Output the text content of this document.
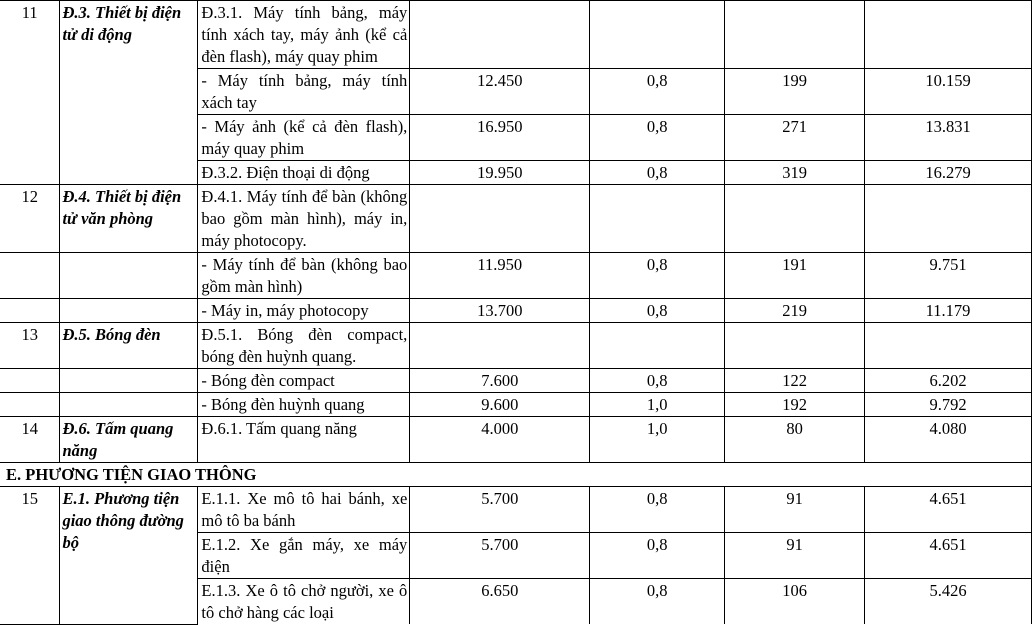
11	Đ.3. Thiết bị điện tử di động	Đ.3.1. Máy tính bảng, máy tính xách tay, máy ảnh (kể cả đèn flash), máy quay phim				
		- Máy tính bảng, máy tính xách tay	12.450	0,8	199	10.159
		- Máy ảnh (kể cả đèn flash), máy quay phim	16.950	0,8	271	13.831
		Đ.3.2. Điện thoại di động	19.950	0,8	319	16.279
12	Đ.4. Thiết bị điện tử văn phòng	Đ.4.1. Máy tính để bàn (không bao gồm màn hình), máy in, máy photocopy.				
		- Máy tính để bàn (không bao gồm màn hình)	11.950	0,8	191	9.751
		- Máy in, máy photocopy	13.700	0,8	219	11.179
13	Đ.5. Bóng đèn	Đ.5.1. Bóng đèn compact, bóng đèn huỳnh quang.				
		- Bóng đèn compact	7.600	0,8	122	6.202
		- Bóng đèn huỳnh quang	9.600	1,0	192	9.792
14	Đ.6. Tấm quang năng	Đ.6.1. Tấm quang năng	4.000	1,0	80	4.080
E. PHƯƠNG TIỆN GIAO THÔNG						
15	E.1. Phương tiện giao thông đường bộ	E.1.1. Xe mô tô hai bánh, xe mô tô ba bánh	5.700	0,8	91	4.651
		E.1.2. Xe gắn máy, xe máy điện	5.700	0,8	91	4.651
		E.1.3. Xe ô tô chở người, xe ô tô chở hàng các loại	6.650	0,8	106	5.426
